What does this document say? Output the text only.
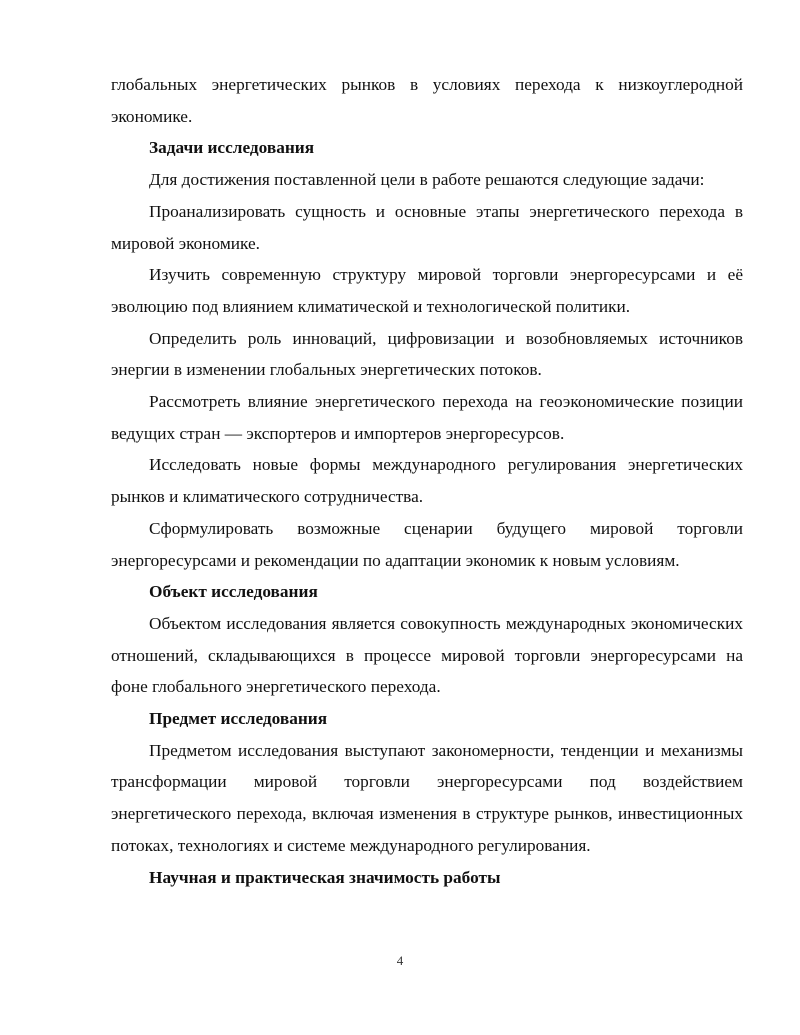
глобальных энергетических рынков в условиях перехода к низкоуглеродной экономике.

Задачи исследования

Для достижения поставленной цели в работе решаются следующие задачи:

Проанализировать сущность и основные этапы энергетического перехода в мировой экономике.

Изучить современную структуру мировой торговли энергоресурсами и её эволюцию под влиянием климатической и технологической политики.

Определить роль инноваций, цифровизации и возобновляемых источников энергии в изменении глобальных энергетических потоков.

Рассмотреть влияние энергетического перехода на геоэкономические позиции ведущих стран — экспортеров и импортеров энергоресурсов.

Исследовать новые формы международного регулирования энергетических рынков и климатического сотрудничества.

Сформулировать возможные сценарии будущего мировой торговли энергоресурсами и рекомендации по адаптации экономик к новым условиям.

Объект исследования

Объектом исследования является совокупность международных экономических отношений, складывающихся в процессе мировой торговли энергоресурсами на фоне глобального энергетического перехода.

Предмет исследования

Предметом исследования выступают закономерности, тенденции и механизмы трансформации мировой торговли энергоресурсами под воздействием энергетического перехода, включая изменения в структуре рынков, инвестиционных потоках, технологиях и системе международного регулирования.

Научная и практическая значимость работы

4
